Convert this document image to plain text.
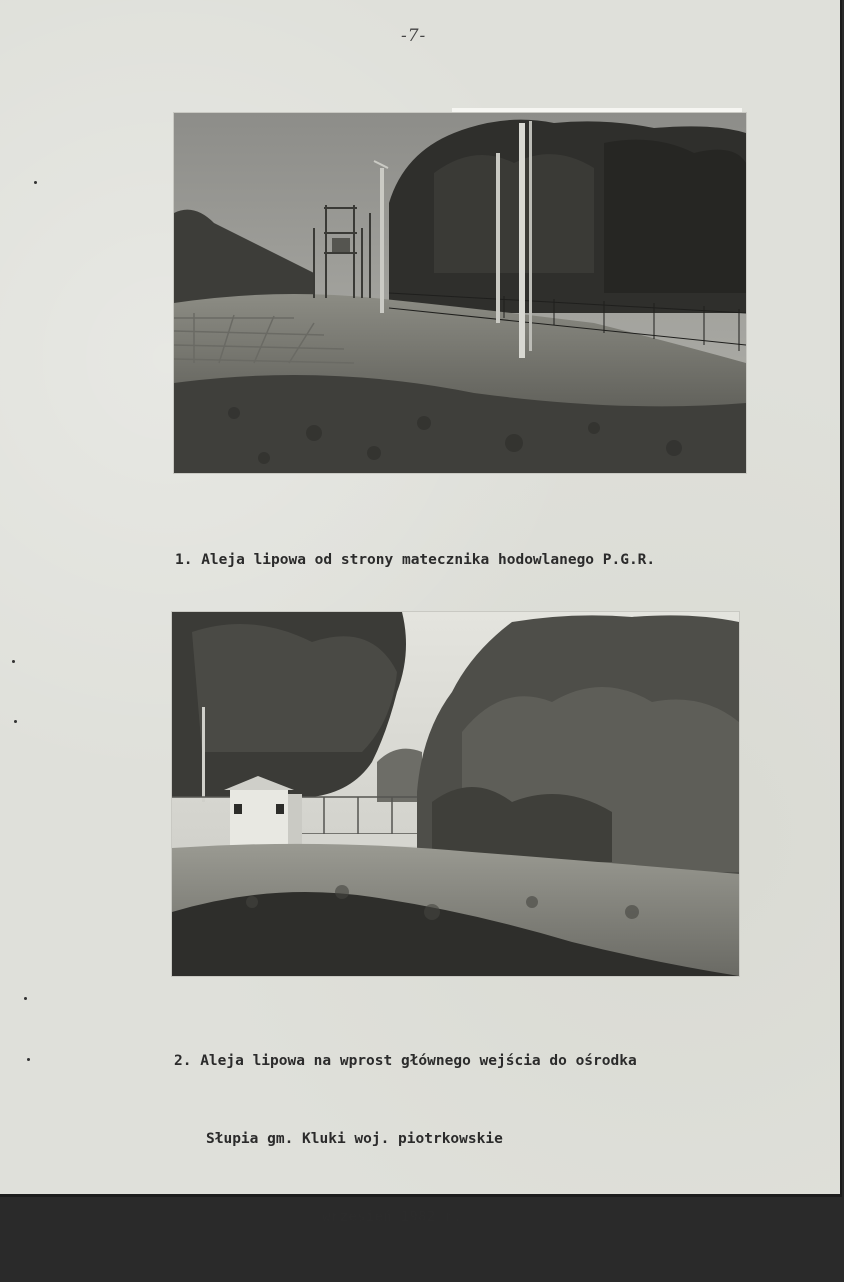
-7-

1. Aleja lipowa od strony matecznika hodowlanego P.G.R.

2. Aleja lipowa na wprost głównego wejścia do ośrodka

Słupia gm. Kluki woj. piotrkowskie

wrzesień 1982 r.
